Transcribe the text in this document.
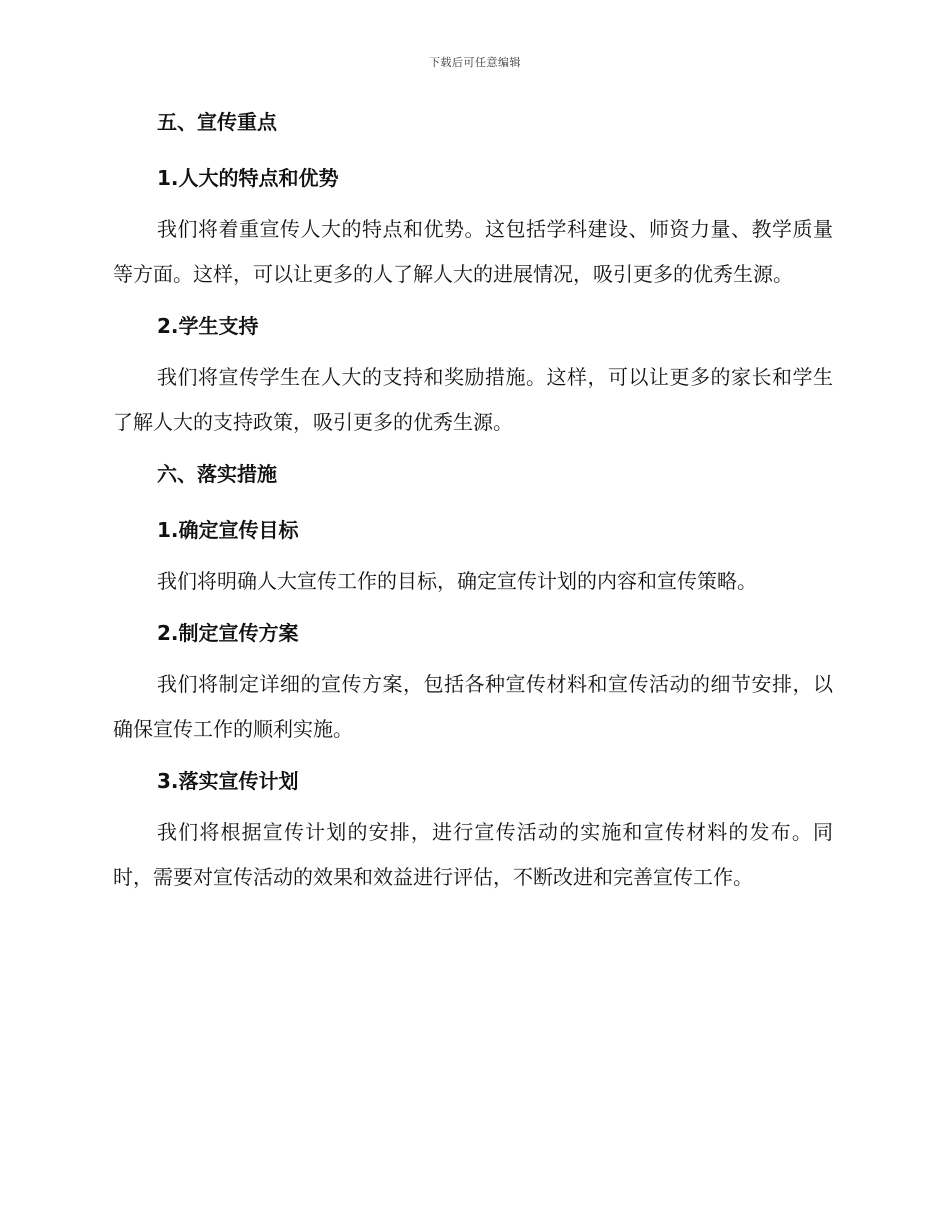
下载后可任意编辑
五、宣传重点
1.人大的特点和优势

我们将着重宣传人大的特点和优势。这包括学科建设、师资力量、教学质量等方面。这样，可以让更多的人了解人大的进展情况，吸引更多的优秀生源。

2.学生支持

我们将宣传学生在人大的支持和奖励措施。这样，可以让更多的家长和学生了解人大的支持政策，吸引更多的优秀生源。

六、落实措施
1.确定宣传目标

我们将明确人大宣传工作的目标，确定宣传计划的内容和宣传策略。

2.制定宣传方案

我们将制定详细的宣传方案，包括各种宣传材料和宣传活动的细节安排，以确保宣传工作的顺利实施。

3.落实宣传计划

我们将根据宣传计划的安排，进行宣传活动的实施和宣传材料的发布。同时，需要对宣传活动的效果和效益进行评估，不断改进和完善宣传工作。
